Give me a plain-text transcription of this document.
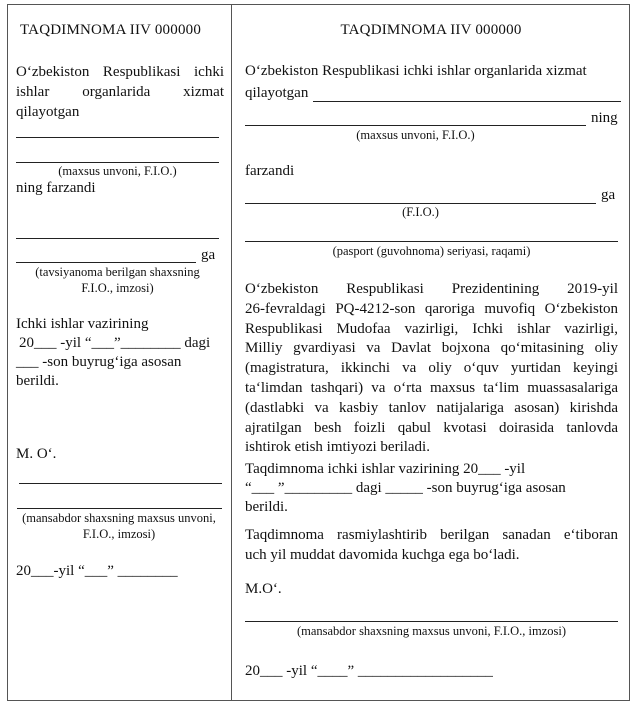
TAQDIMNOMA IIV 000000
O‘zbekiston Respublikasi ichki
ishlar organlarida xizmat
qilayotgan
(maxsus unvoni, F.I.O.)
ning farzandi
ga
(tavsiyanoma berilgan shaxsning
F.I.O., imzosi)
Ichki ishlar vazirining
20___ -yil “___”________ dagi
___ -son buyrug‘iga asosan
berildi.
M. O‘.
(mansabdor shaxsning maxsus unvoni,
F.I.O., imzosi)
20___-yil “___” ________
TAQDIMNOMA IIV 000000
O‘zbekiston Respublikasi ichki ishlar organlarida xizmat
qilayotgan
ning
(maxsus unvoni, F.I.O.)
farzandi
ga
(F.I.O.)
(pasport (guvohnoma) seriyasi, raqami)
O‘zbekiston Respublikasi Prezidentining 2019-yil
26-fevraldagi PQ-4212-son qaroriga muvofiq O‘zbekiston
Respublikasi Mudofaa vazirligi, Ichki ishlar vazirligi,
Milliy gvardiyasi va Davlat bojxona qo‘mitasining oliy
(magistratura, ikkinchi va oliy o‘quv yurtidan keyingi
ta‘limdan tashqari) va o‘rta maxsus ta‘lim muassasalariga
(dastlabki va kasbiy tanlov natijalariga asosan) kirishda
ajratilgan besh foizli qabul kvotasi doirasida tanlovda
ishtirok etish imtiyozi beriladi.
Taqdimnoma ichki ishlar vazirining 20___ -yil
“___ ”_________ dagi _____ -son buyrug‘iga asosan
berildi.
Taqdimnoma rasmiylashtirib berilgan sanadan e‘tiboran
uch yil muddat davomida kuchga ega bo‘ladi.
M.O‘.
(mansabdor shaxsning maxsus unvoni, F.I.O., imzosi)
20___ -yil “____” __________________
